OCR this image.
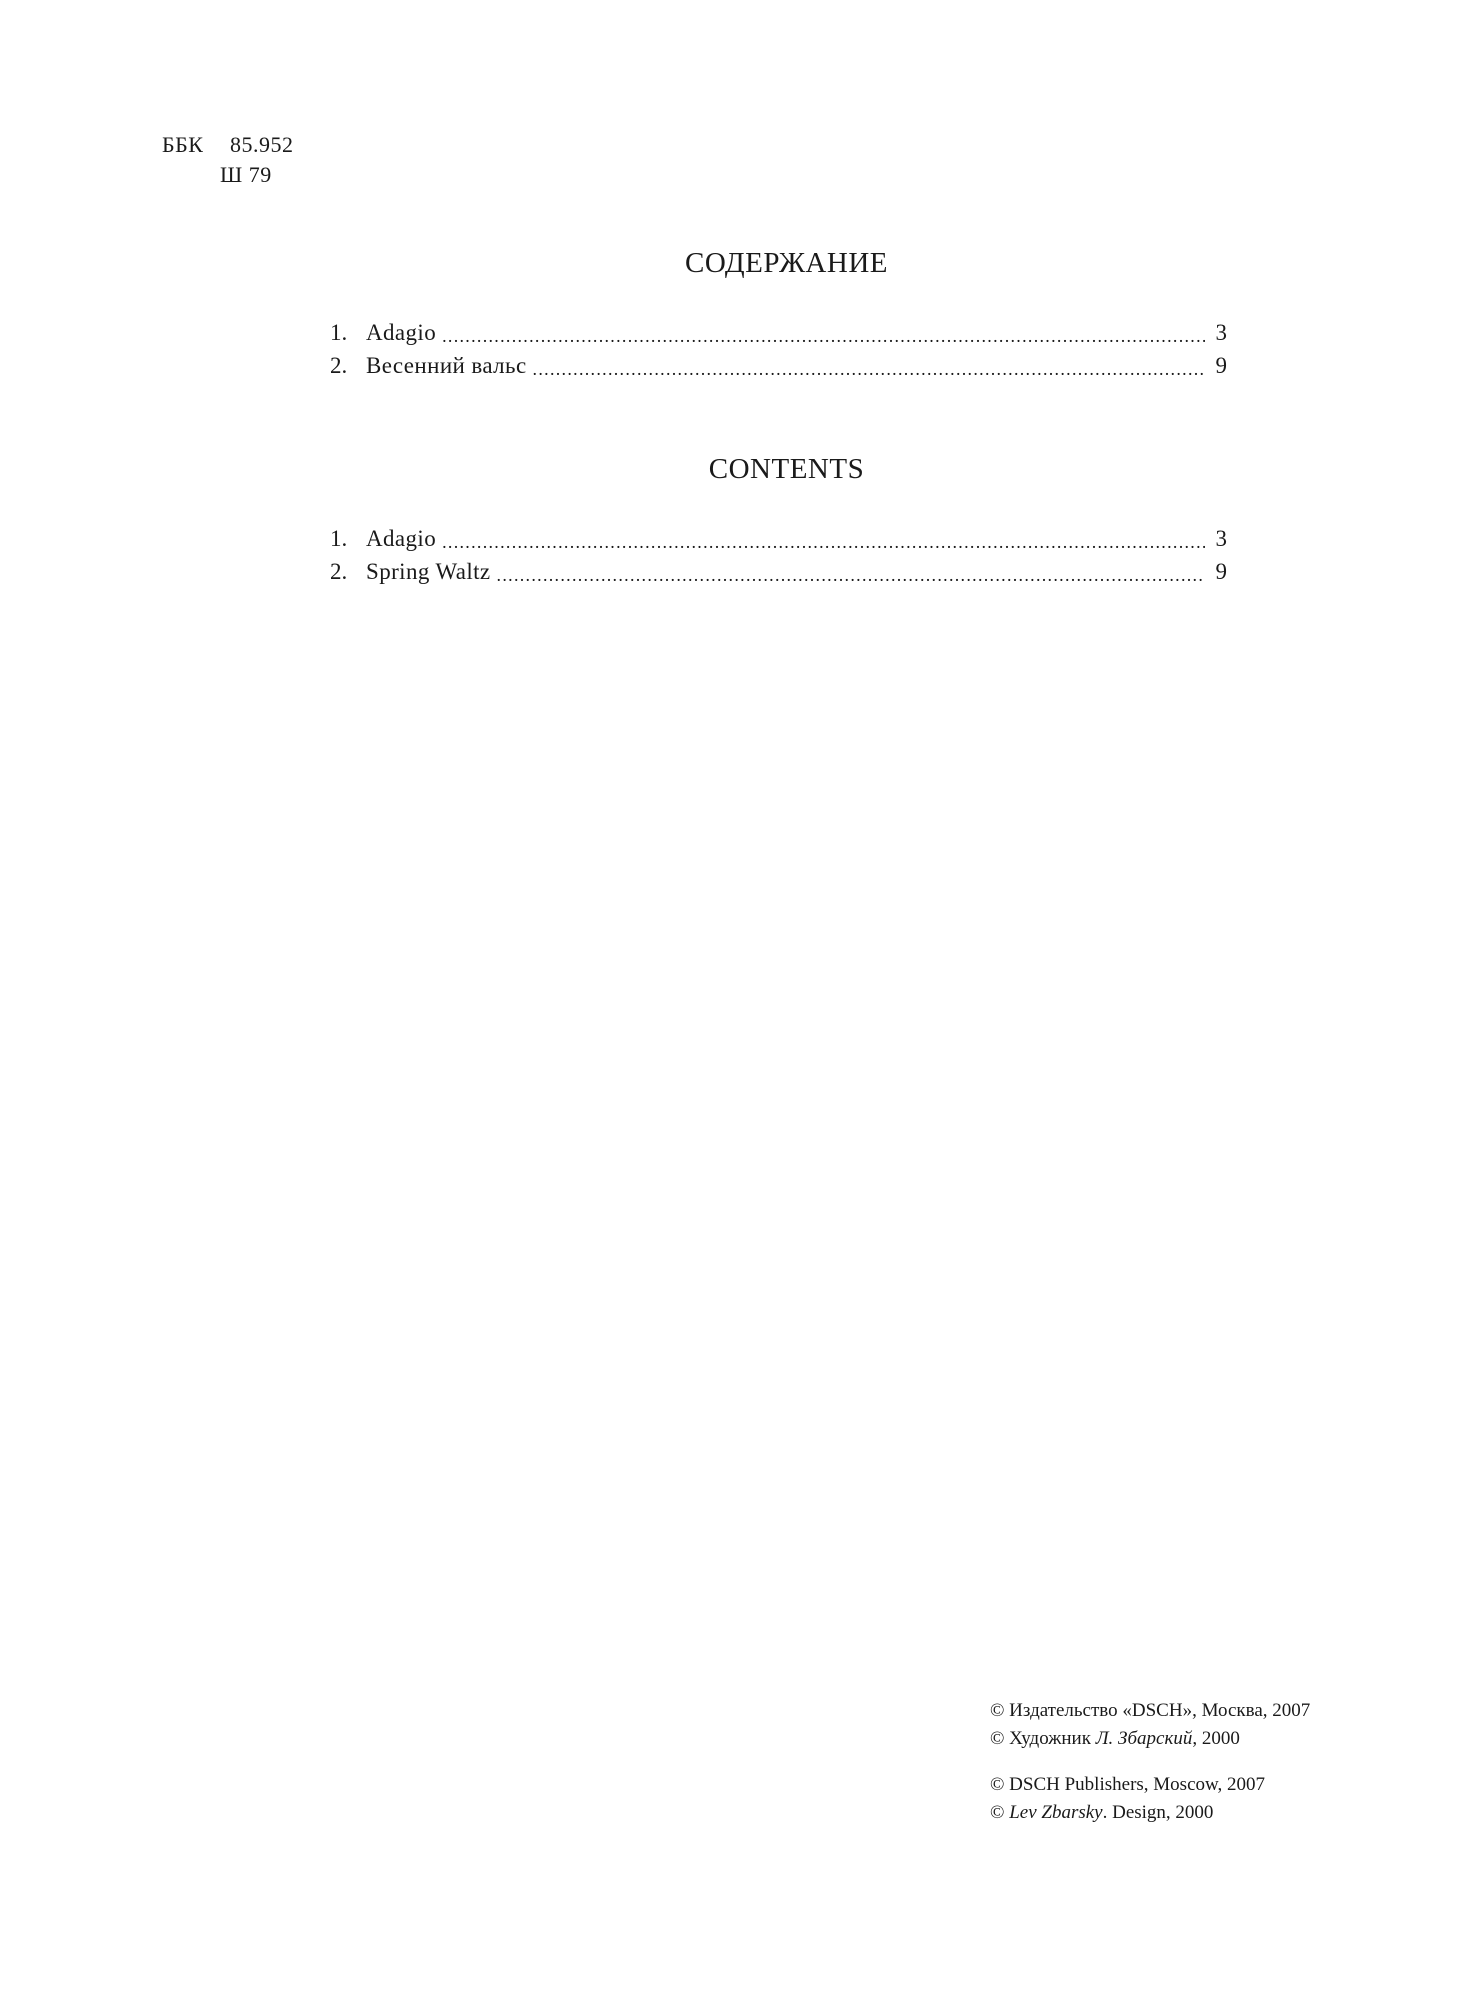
ББК 85.952
Ш 79
СОДЕРЖАНИЕ
1. Adagio .....	3
2. Весенний вальс .....	9
CONTENTS
1. Adagio .....	3
2. Spring Waltz .....	9
© Издательство «DSCH», Москва, 2007
© Художник Л. Збарский, 2000
© DSCH Publishers, Moscow, 2007
© Lev Zbarsky. Design, 2000
